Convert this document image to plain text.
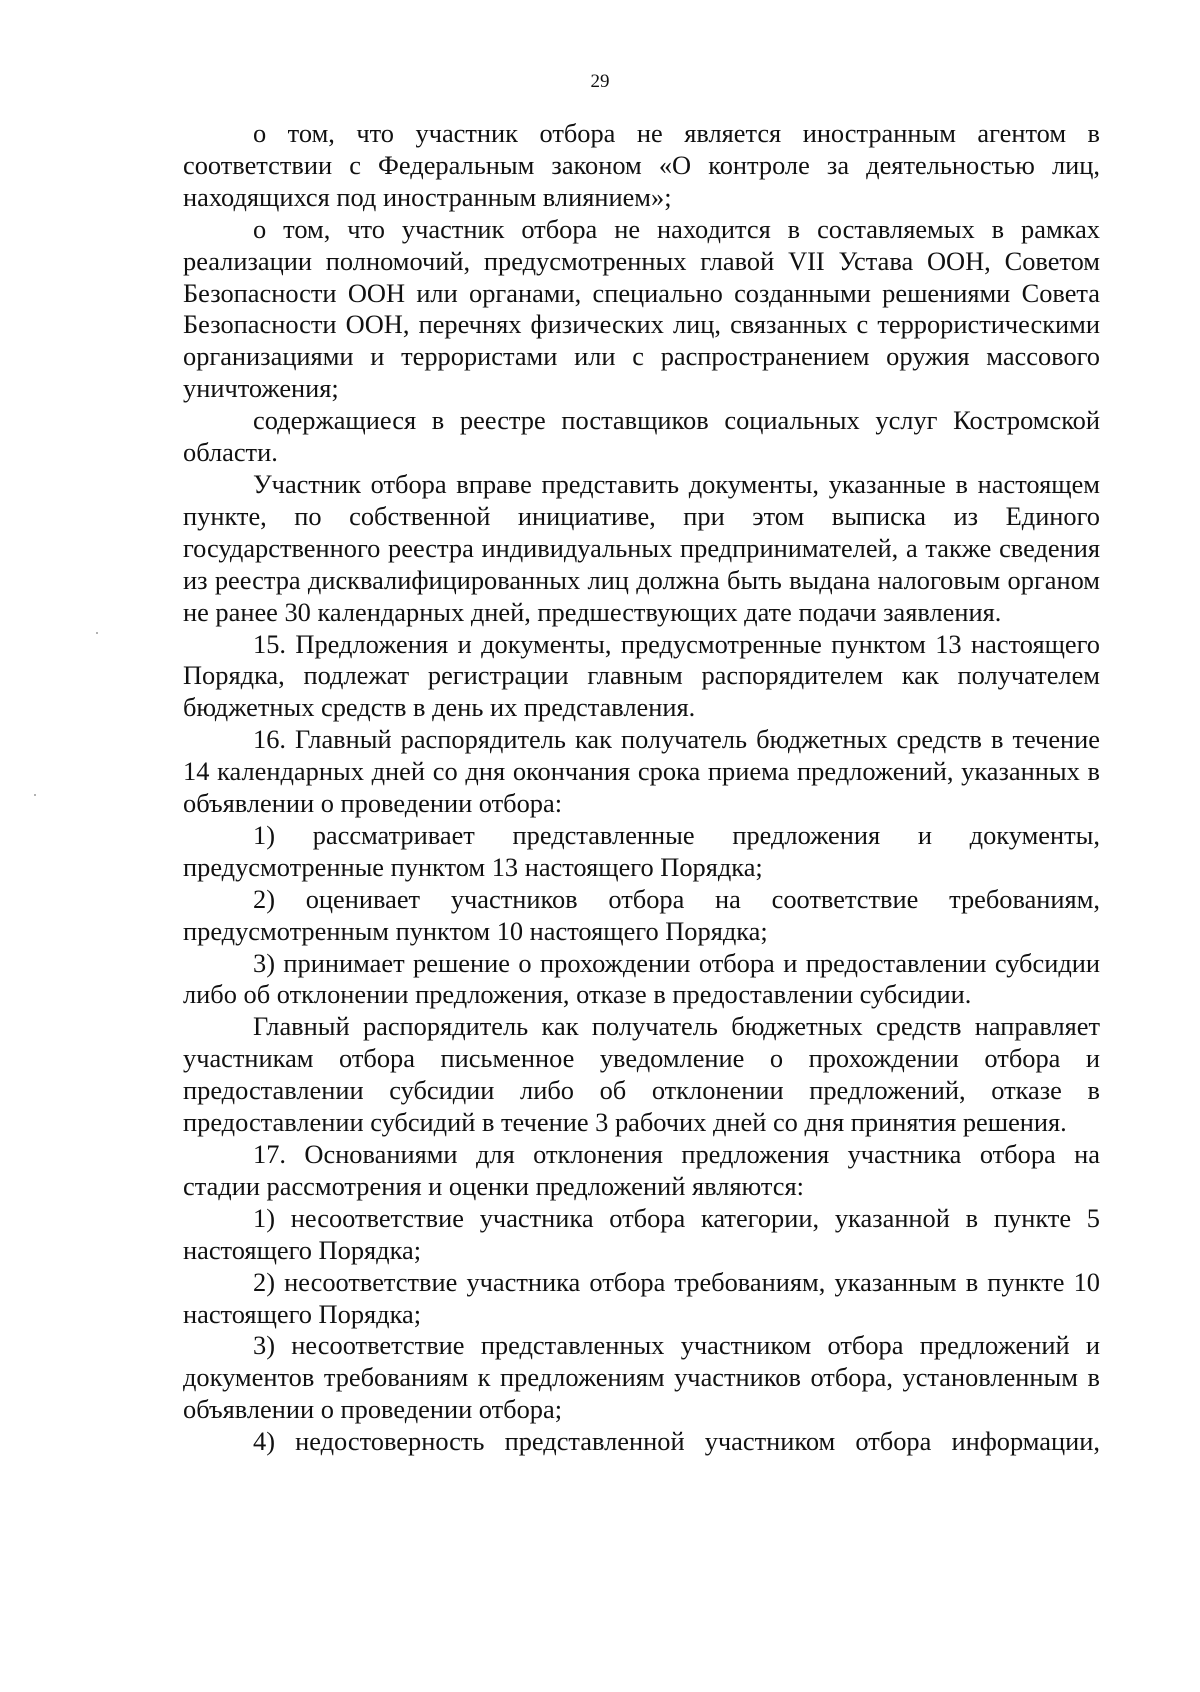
29

о том, что участник отбора не является иностранным агентом в соответствии с Федеральным законом «О контроле за деятельностью лиц, находящихся под иностранным влиянием»;

о том, что участник отбора не находится в составляемых в рамках реализации полномочий, предусмотренных главой VII Устава ООН, Советом Безопасности ООН или органами, специально созданными решениями Совета Безопасности ООН, перечнях физических лиц, связанных с террористическими организациями и террористами или с распространением оружия массового уничтожения;

содержащиеся в реестре поставщиков социальных услуг Костромской области.

Участник отбора вправе представить документы, указанные в настоящем пункте, по собственной инициативе, при этом выписка из Единого государственного реестра индивидуальных предпринимателей, а также сведения из реестра дисквалифицированных лиц должна быть выдана налоговым органом не ранее 30 календарных дней, предшествующих дате подачи заявления.

15. Предложения и документы, предусмотренные пунктом 13 настоящего Порядка, подлежат регистрации главным распорядителем как получателем бюджетных средств в день их представления.

16. Главный распорядитель как получатель бюджетных средств в течение 14 календарных дней со дня окончания срока приема предложений, указанных в объявлении о проведении отбора:

1) рассматривает представленные предложения и документы, предусмотренные пунктом 13 настоящего Порядка;

2) оценивает участников отбора на соответствие требованиям, предусмотренным пунктом 10 настоящего Порядка;

3) принимает решение о прохождении отбора и предоставлении субсидии либо об отклонении предложения, отказе в предоставлении субсидии.

Главный распорядитель как получатель бюджетных средств направляет участникам отбора письменное уведомление о прохождении отбора и предоставлении субсидии либо об отклонении предложений, отказе в предоставлении субсидий в течение 3 рабочих дней со дня принятия решения.

17. Основаниями для отклонения предложения участника отбора на стадии рассмотрения и оценки предложений являются:

1) несоответствие участника отбора категории, указанной в пункте 5 настоящего Порядка;

2) несоответствие участника отбора требованиям, указанным в пункте 10 настоящего Порядка;

3) несоответствие представленных участником отбора предложений и документов требованиям к предложениям участников отбора, установленным в объявлении о проведении отбора;

4) недостоверность представленной участником отбора информации,
